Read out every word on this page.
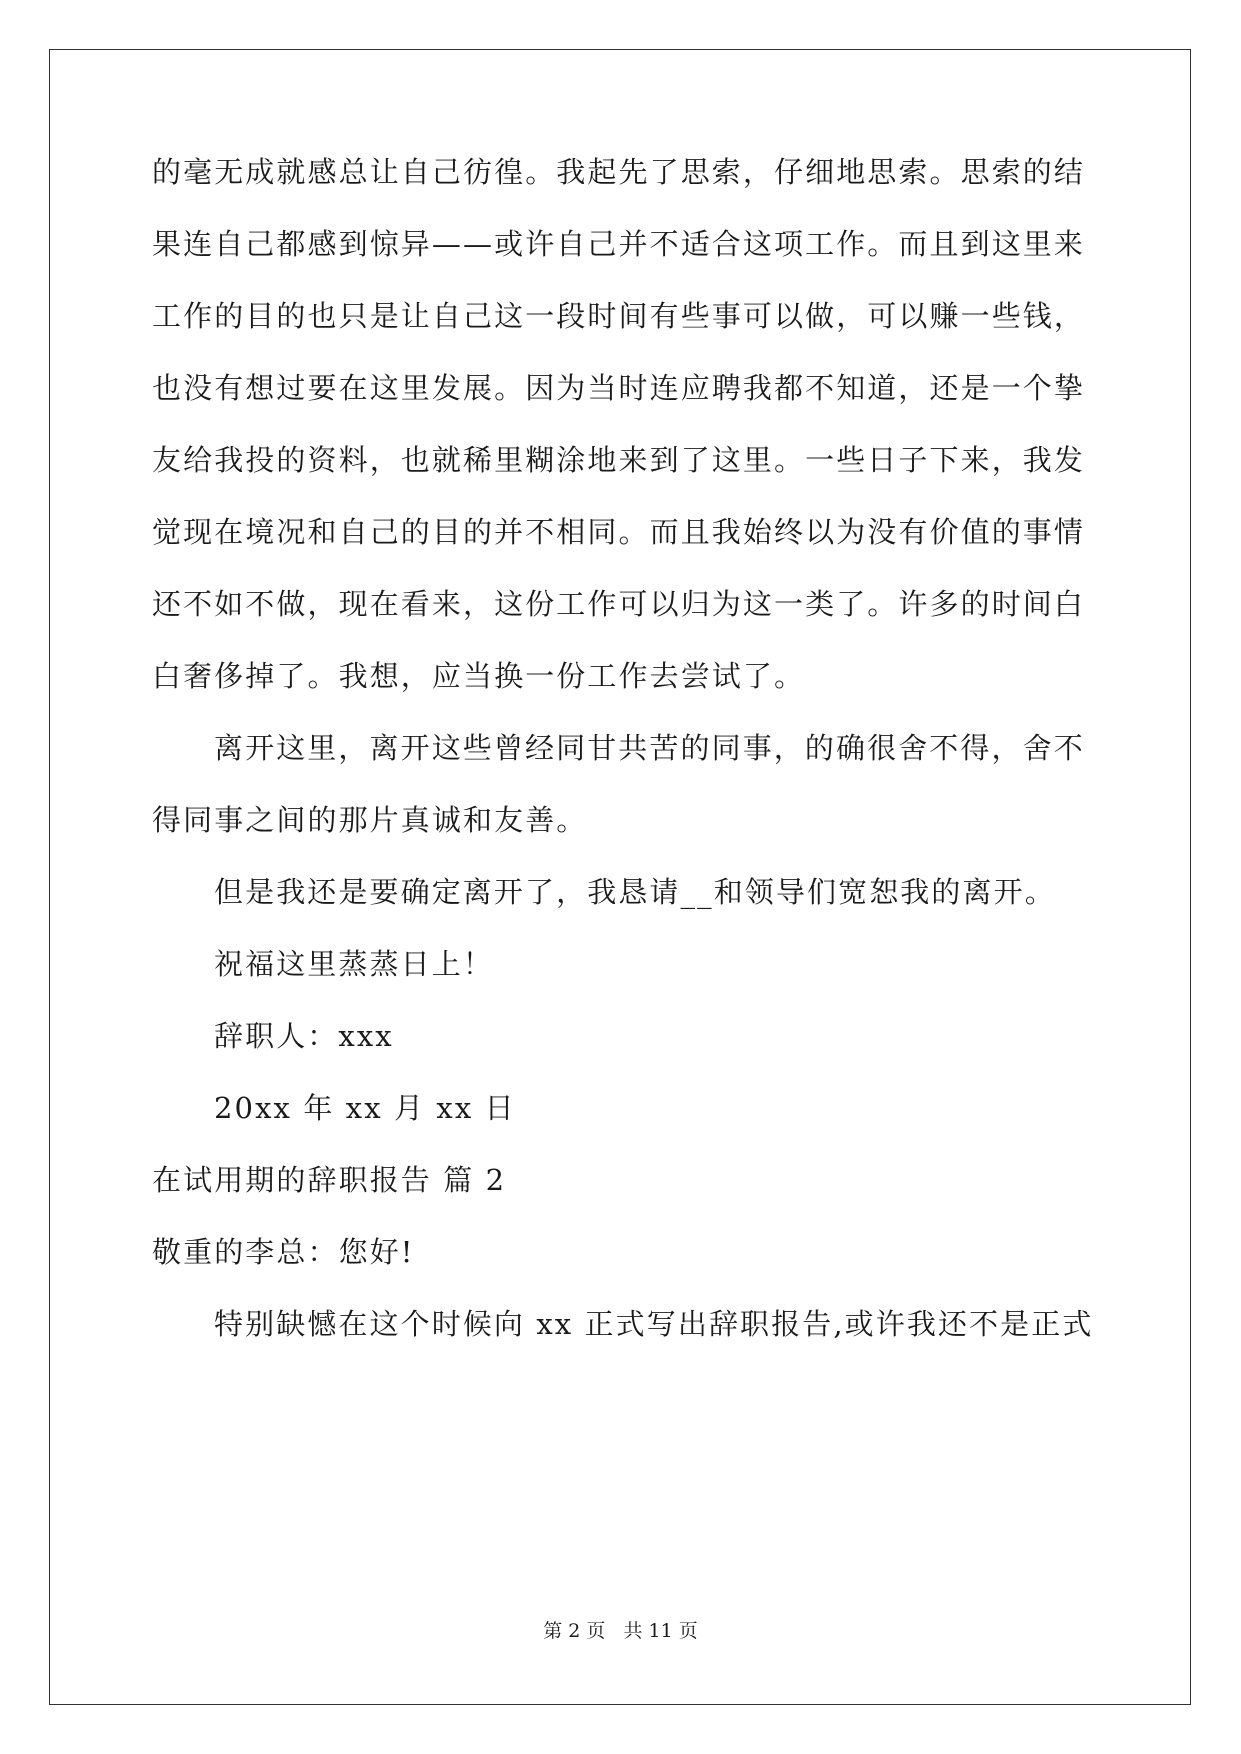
的毫无成就感总让自己彷徨。我起先了思索，仔细地思索。思索的结
果连自己都感到惊异——或许自己并不适合这项工作。而且到这里来
工作的目的也只是让自己这一段时间有些事可以做，可以赚一些钱，
也没有想过要在这里发展。因为当时连应聘我都不知道，还是一个挚
友给我投的资料，也就稀里糊涂地来到了这里。一些日子下来，我发
觉现在境况和自己的目的并不相同。而且我始终以为没有价值的事情
还不如不做，现在看来，这份工作可以归为这一类了。许多的时间白
白奢侈掉了。我想，应当换一份工作去尝试了。
离开这里，离开这些曾经同甘共苦的同事，的确很舍不得，舍不
得同事之间的那片真诚和友善。
但是我还是要确定离开了，我恳请__和领导们宽恕我的离开。
祝福这里蒸蒸日上！
辞职人：xxx
20xx 年 xx 月 xx 日
在试用期的辞职报告 篇 2
敬重的李总：您好!
特别缺憾在这个时候向 xx 正式写出辞职报告,或许我还不是正式
第 2 页   共 11 页
